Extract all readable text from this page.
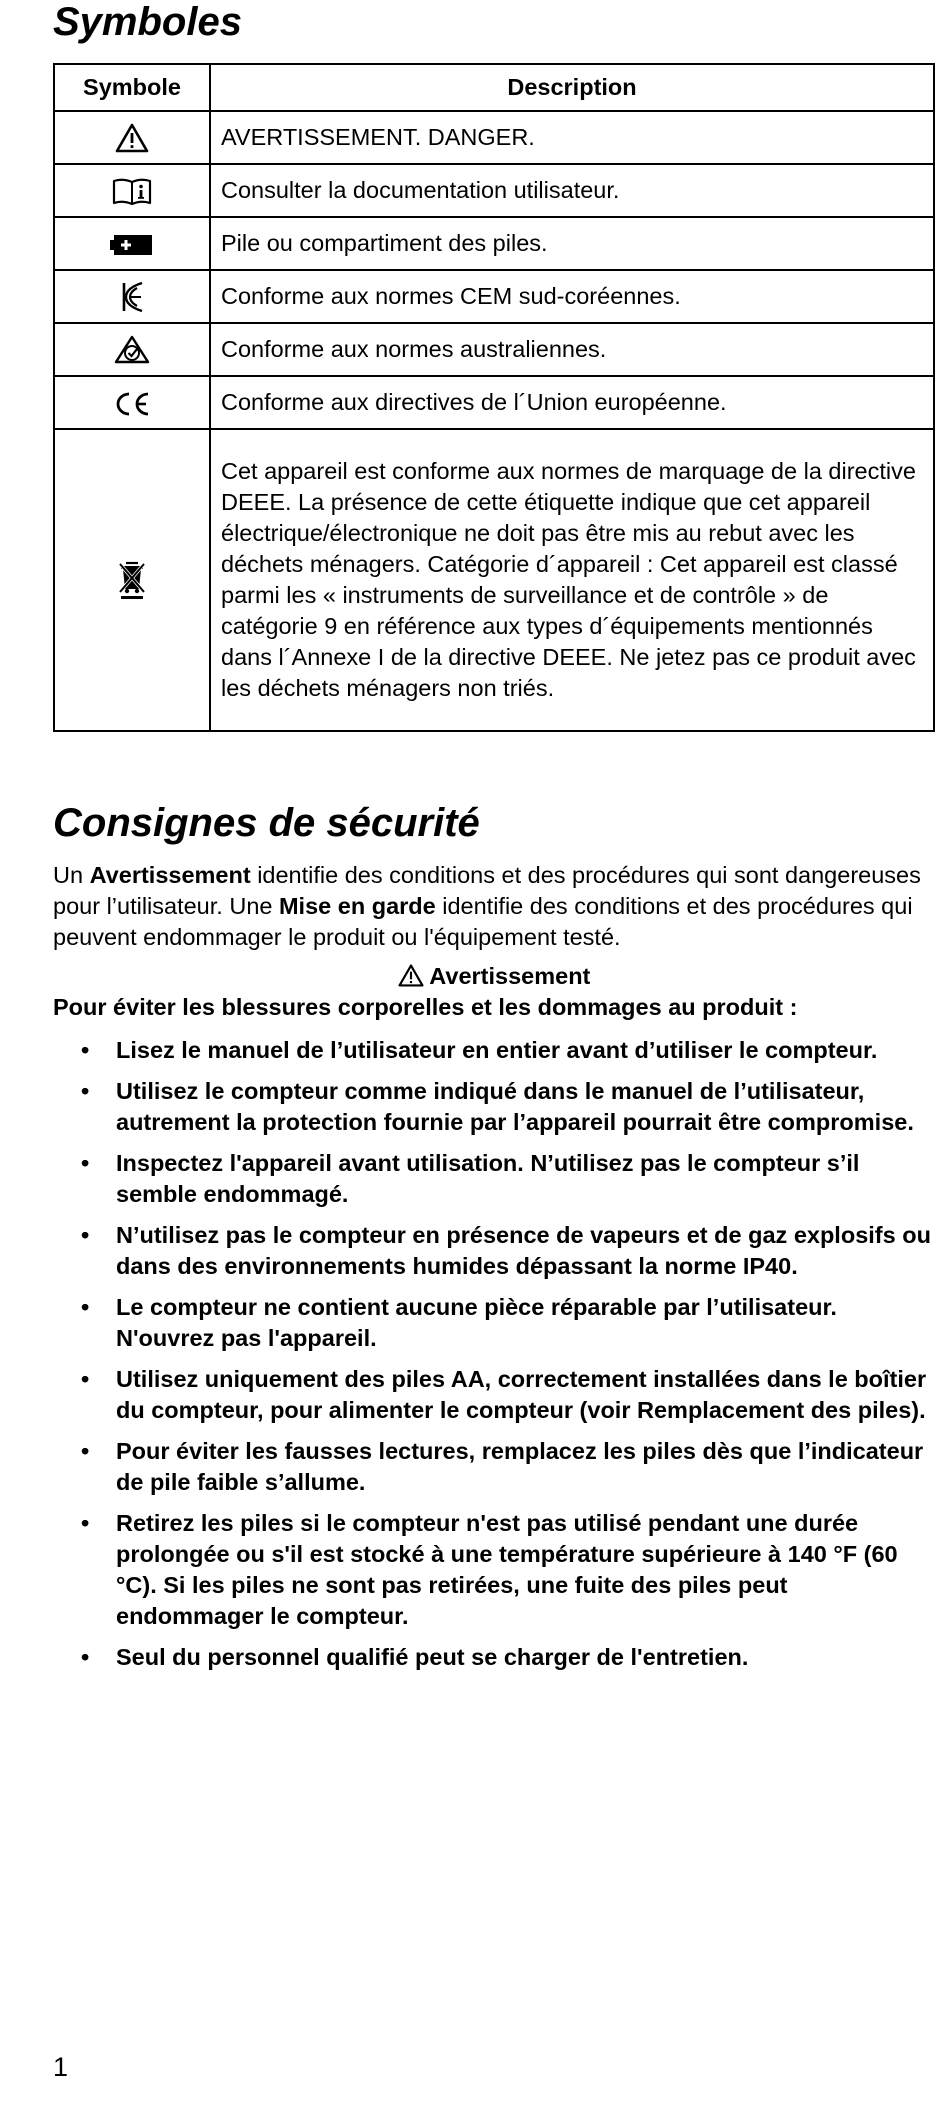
Symboles
Symbole	Description
	AVERTISSEMENT. DANGER.
	Consulter la documentation utilisateur.
	Pile ou compartiment des piles.
	Conforme aux normes CEM sud-coréennes.
	Conforme aux normes australiennes.
	Conforme aux directives de l´Union européenne.
	Cet appareil est conforme aux normes de marquage de la directive DEEE. La présence de cette étiquette indique que cet appareil électrique/électronique ne doit pas être mis au rebut avec les déchets ménagers. Catégorie d´appareil : Cet appareil est classé parmi les « instruments de surveillance et de contrôle » de catégorie 9 en référence aux types d´équipements mentionnés dans l´Annexe I de la directive DEEE. Ne jetez pas ce produit avec les déchets ménagers non triés.
Consignes de sécurité

Un Avertissement identifie des conditions et des procédures qui sont dangereuses pour l’utilisateur. Une Mise en garde identifie des conditions et des procédures qui peuvent endommager le produit ou l'équipement testé.

Avertissement
Pour éviter les blessures corporelles et les dommages au produit :
• Lisez le manuel de l’utilisateur en entier avant d’utiliser le compteur.
• Utilisez le compteur comme indiqué dans le manuel de l’utilisateur, autrement la protection fournie par l’appareil pourrait être compromise.
• Inspectez l'appareil avant utilisation. N’utilisez pas le compteur s’il semble endommagé.
• N’utilisez pas le compteur en présence de vapeurs et de gaz explosifs ou dans des environnements humides dépassant la norme IP40.
• Le compteur ne contient aucune pièce réparable par l’utilisateur. N'ouvrez pas l'appareil.
• Utilisez uniquement des piles AA, correctement installées dans le boîtier du compteur, pour alimenter le compteur (voir Remplacement des piles).
• Pour éviter les fausses lectures, remplacez les piles dès que l’indicateur de pile faible s’allume.
• Retirez les piles si le compteur n'est pas utilisé pendant une durée prolongée ou s'il est stocké à une température supérieure à 140 °F (60 °C). Si les piles ne sont pas retirées, une fuite des piles peut endommager le compteur.
• Seul du personnel qualifié peut se charger de l'entretien.
1
